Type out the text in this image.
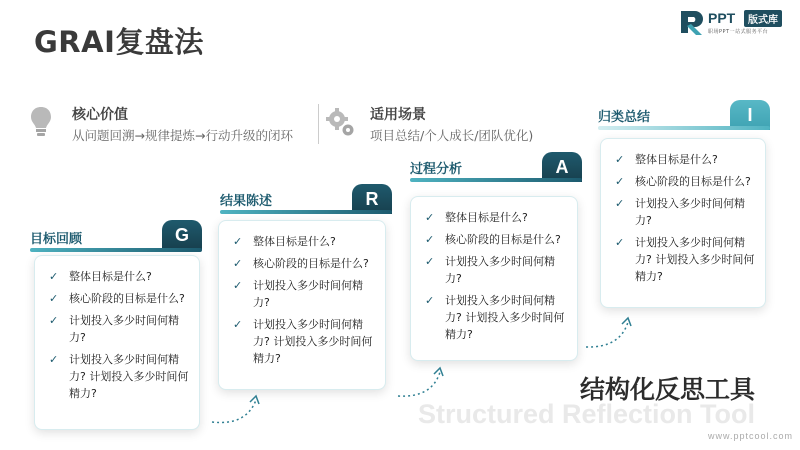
GRAI复盘法
PPT	版式库
职场PPT一站式服务平台
核心价值
从问题回溯→规律提炼→行动升级的闭环
适用场景
项目总结/个人成长/团队优化)
目标回顾	G
✓ 整体目标是什么?
✓ 核心阶段的目标是什么?
✓ 计划投入多少时间何精力?
✓ 计划投入多少时间何精力? 计划投入多少时间何精力?
结果陈述	R
✓ 整体目标是什么?
✓ 核心阶段的目标是什么?
✓ 计划投入多少时间何精力?
✓ 计划投入多少时间何精力? 计划投入多少时间何精力?
过程分析	A
✓ 整体目标是什么?
✓ 核心阶段的目标是什么?
✓ 计划投入多少时间何精力?
✓ 计划投入多少时间何精力? 计划投入多少时间何精力?
归类总结	I
✓ 整体目标是什么?
✓ 核心阶段的目标是什么?
✓ 计划投入多少时间何精力?
✓ 计划投入多少时间何精力? 计划投入多少时间何精力?
Structured Reflection Tool
结构化反思工具
www.pptcool.com
